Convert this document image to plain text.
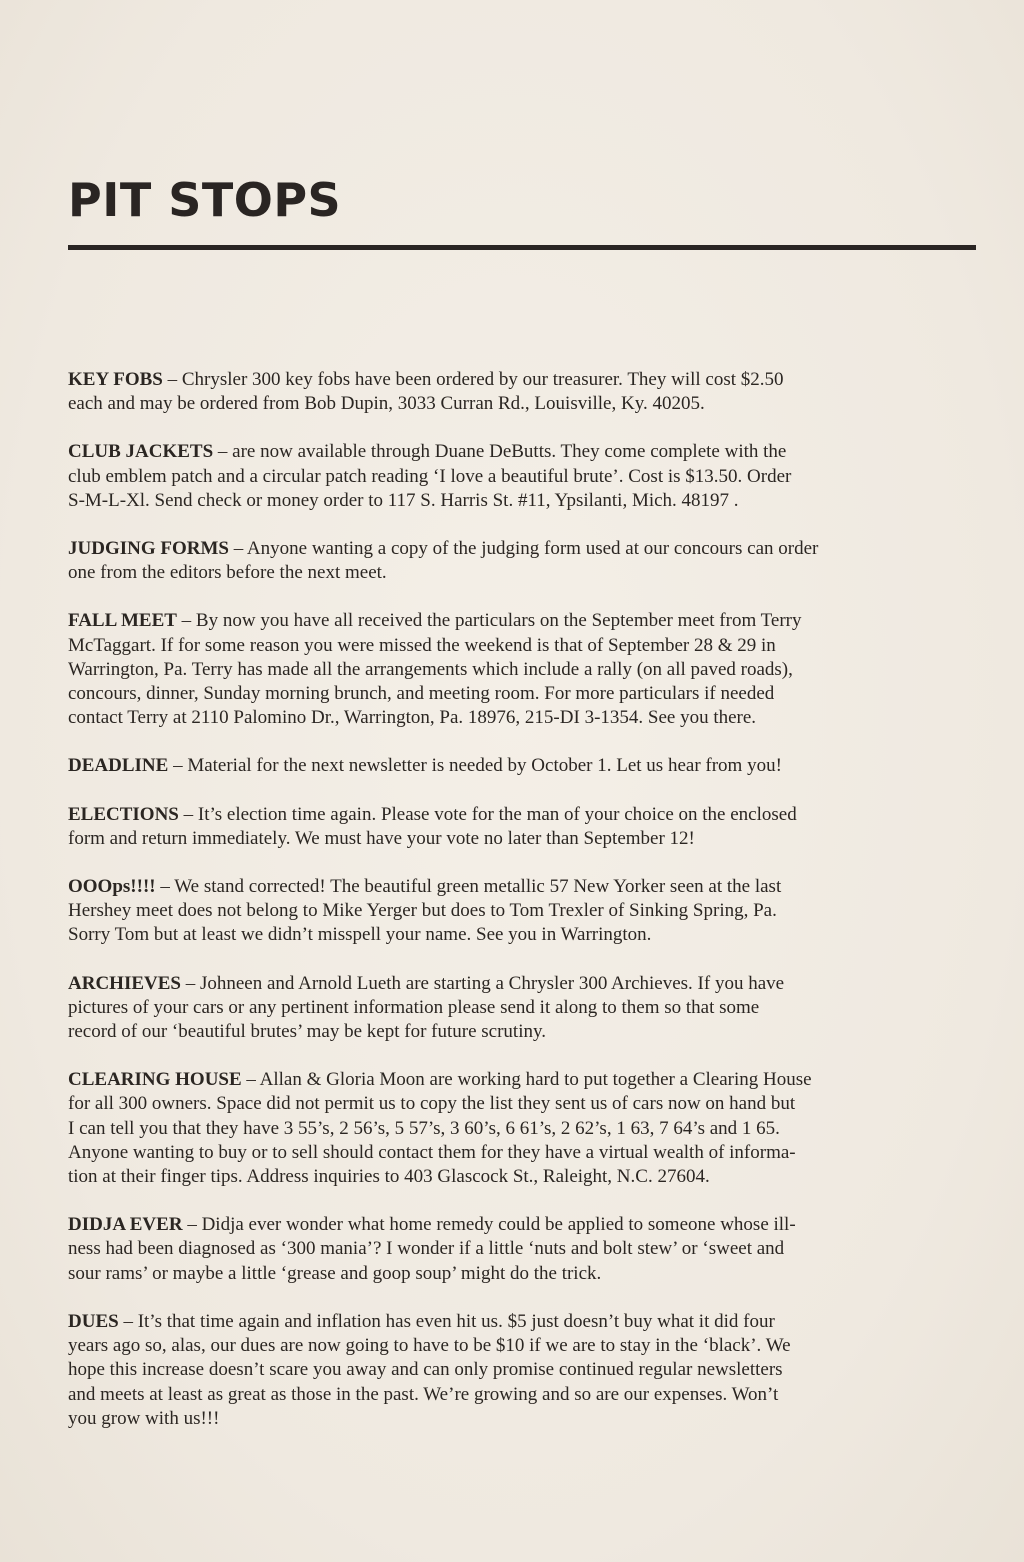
PIT STOPS

KEY FOBS – Chrysler 300 key fobs have been ordered by our treasurer. They will cost $2.50
each and may be ordered from Bob Dupin, 3033 Curran Rd., Louisville, Ky. 40205.

CLUB JACKETS – are now available through Duane DeButts. They come complete with the
club emblem patch and a circular patch reading ‘I love a beautiful brute’. Cost is $13.50. Order
S-M-L-Xl. Send check or money order to 117 S. Harris St. #11, Ypsilanti, Mich. 48197 .

JUDGING FORMS – Anyone wanting a copy of the judging form used at our concours can order
one from the editors before the next meet.

FALL MEET – By now you have all received the particulars on the September meet from Terry
McTaggart. If for some reason you were missed the weekend is that of September 28 & 29 in
Warrington, Pa. Terry has made all the arrangements which include a rally (on all paved roads),
concours, dinner, Sunday morning brunch, and meeting room. For more particulars if needed
contact Terry at 2110 Palomino Dr., Warrington, Pa. 18976, 215-DI 3-1354. See you there.

DEADLINE – Material for the next newsletter is needed by October 1. Let us hear from you!

ELECTIONS – It’s election time again. Please vote for the man of your choice on the enclosed
form and return immediately. We must have your vote no later than September 12!

OOOps!!!! – We stand corrected! The beautiful green metallic 57 New Yorker seen at the last
Hershey meet does not belong to Mike Yerger but does to Tom Trexler of Sinking Spring, Pa.
Sorry Tom but at least we didn’t misspell your name. See you in Warrington.

ARCHIEVES – Johneen and Arnold Lueth are starting a Chrysler 300 Archieves. If you have
pictures of your cars or any pertinent information please send it along to them so that some
record of our ‘beautiful brutes’ may be kept for future scrutiny.

CLEARING HOUSE – Allan & Gloria Moon are working hard to put together a Clearing House
for all 300 owners. Space did not permit us to copy the list they sent us of cars now on hand but
I can tell you that they have 3 55’s, 2 56’s, 5 57’s, 3 60’s, 6 61’s, 2 62’s, 1 63, 7 64’s and 1 65.
Anyone wanting to buy or to sell should contact them for they have a virtual wealth of informa-
tion at their finger tips. Address inquiries to 403 Glascock St., Raleight, N.C. 27604.

DIDJA EVER – Didja ever wonder what home remedy could be applied to someone whose ill-
ness had been diagnosed as ‘300 mania’? I wonder if a little ‘nuts and bolt stew’ or ‘sweet and
sour rams’ or maybe a little ‘grease and goop soup’ might do the trick.

DUES – It’s that time again and inflation has even hit us. $5 just doesn’t buy what it did four
years ago so, alas, our dues are now going to have to be $10 if we are to stay in the ‘black’. We
hope this increase doesn’t scare you away and can only promise continued regular newsletters
and meets at least as great as those in the past. We’re growing and so are our expenses. Won’t
you grow with us!!!
